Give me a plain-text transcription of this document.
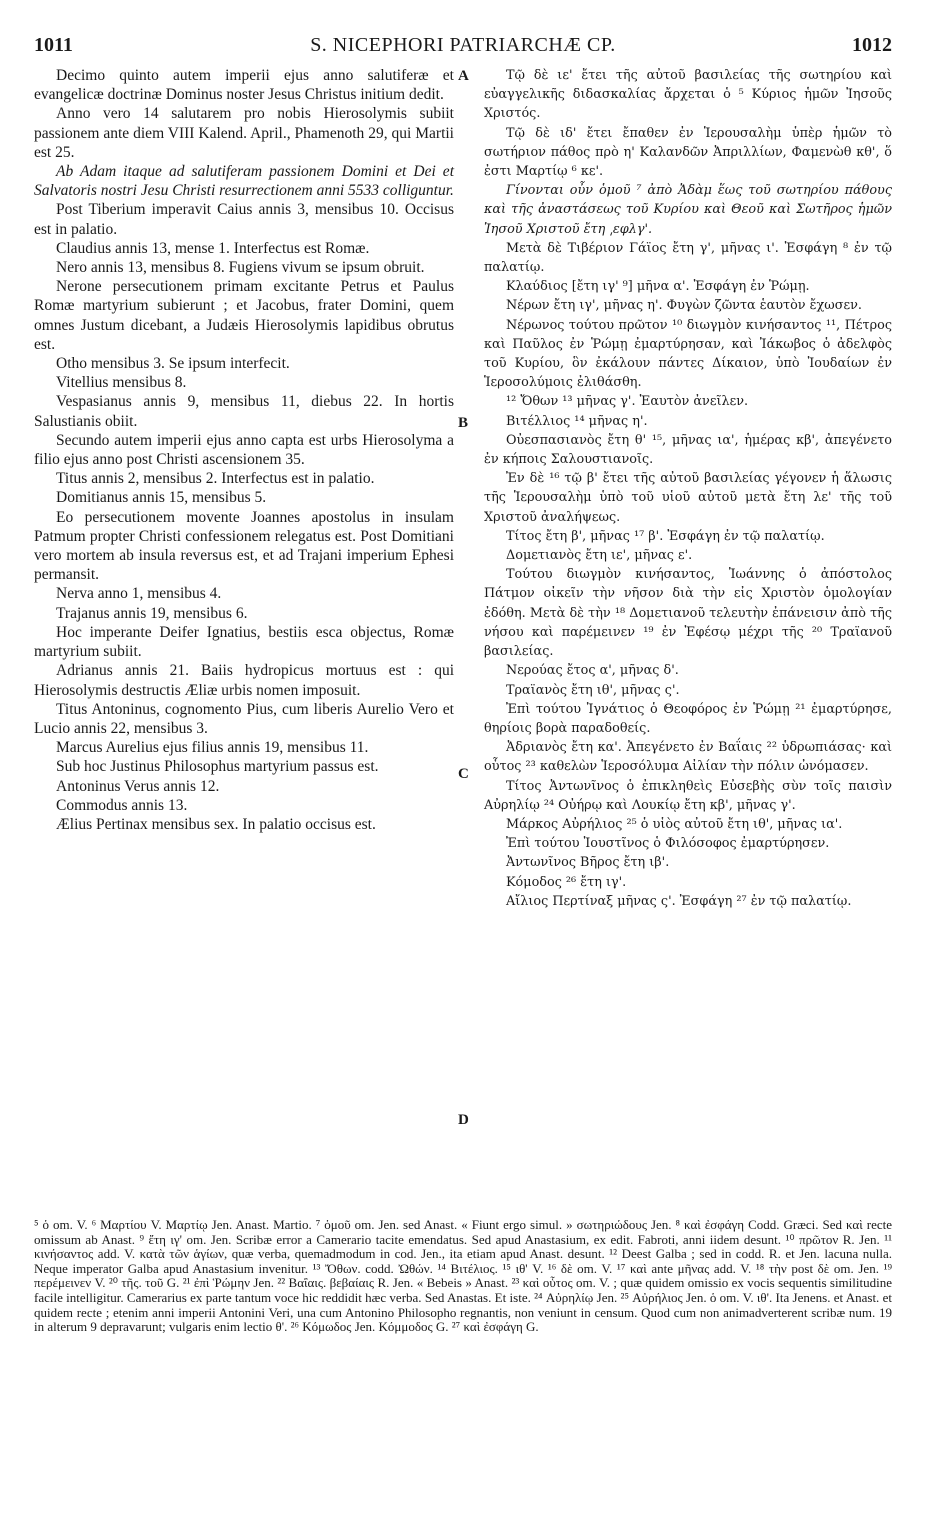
1011	S. NICEPHORI PATRIARCHÆ CP.	1012
A
B
C
D

Decimo quinto autem imperii ejus anno salutiferæ et evangelicæ doctrinæ Dominus noster Jesus Christus initium dedit.

Anno vero 14 salutarem pro nobis Hierosolymis subiit passionem ante diem VIII Kalend. April., Phamenoth 29, qui Martii est 25.

Ab Adam itaque ad salutiferam passionem Domini et Dei et Salvatoris nostri Jesu Christi resurrectionem anni 5533 colliguntur.

Post Tiberium imperavit Caius annis 3, mensibus 10. Occisus est in palatio.

Claudius annis 13, mense 1. Interfectus est Romæ.

Nero annis 13, mensibus 8. Fugiens vivum se ipsum obruit.

Nerone persecutionem primam excitante Petrus et Paulus Romæ martyrium subierunt ; et Jacobus, frater Domini, quem omnes Justum dicebant, a Judæis Hierosolymis lapidibus obrutus est.

Otho mensibus 3. Se ipsum interfecit.

Vitellius mensibus 8.

Vespasianus annis 9, mensibus 11, diebus 22. In hortis Salustianis obiit.

Secundo autem imperii ejus anno capta est urbs Hierosolyma a filio ejus anno post Christi ascensionem 35.

Titus annis 2, mensibus 2. Interfectus est in palatio.

Domitianus annis 15, mensibus 5.

Eo persecutionem movente Joannes apostolus in insulam Patmum propter Christi confessionem relegatus est. Post Domitiani vero mortem ab insula reversus est, et ad Trajani imperium Ephesi permansit.

Nerva anno 1, mensibus 4.

Trajanus annis 19, mensibus 6.

Hoc imperante Deifer Ignatius, bestiis esca objectus, Romæ martyrium subiit.

Adrianus annis 21. Baiis hydropicus mortuus est : qui Hierosolymis destructis Æliæ urbis nomen imposuit.

Titus Antoninus, cognomento Pius, cum liberis Aurelio Vero et Lucio annis 22, mensibus 3.

Marcus Aurelius ejus filius annis 19, mensibus 11.

Sub hoc Justinus Philosophus martyrium passus est.

Antoninus Verus annis 12.

Commodus annis 13.

Ælius Pertinax mensibus sex. In palatio occisus est.

Τῷ δὲ ιε' ἔτει τῆς αὐτοῦ βασιλείας τῆς σωτηρίου καὶ εὐαγγελικῆς διδασκαλίας ἄρχεται ὁ ⁵ Κύριος ἡμῶν Ἰησοῦς Χριστός.

Τῷ δὲ ιδ' ἔτει ἔπαθεν ἐν Ἱερουσαλὴμ ὑπὲρ ἡμῶν τὸ σωτήριον πάθος πρὸ η' Καλανδῶν Ἀπριλλίων, Φαμενὼθ κθ', ὅ ἐστι Μαρτίῳ ⁶ κε'.

Γίνονται οὖν ὁμοῦ ⁷ ἀπὸ Ἀδὰμ ἕως τοῦ σωτηρίου πάθους καὶ τῆς ἀναστάσεως τοῦ Κυρίου καὶ Θεοῦ καὶ Σωτῆρος ἡμῶν Ἰησοῦ Χριστοῦ ἔτη ͵εφλγ'.

Μετὰ δὲ Τιβέριον Γάϊος ἔτη γ', μῆνας ι'. Ἐσφάγη ⁸ ἐν τῷ παλατίῳ.

Κλαύδιος [ἔτη ιγ' ⁹] μῆνα α'. Ἐσφάγη ἐν Ῥώμῃ.

Νέρων ἔτη ιγ', μῆνας η'. Φυγὼν ζῶντα ἑαυτὸν ἔχωσεν.

Νέρωνος τούτου πρῶτον ¹⁰ διωγμὸν κινήσαντος ¹¹, Πέτρος καὶ Παῦλος ἐν Ῥώμῃ ἐμαρτύρησαν, καὶ Ἰάκωβος ὁ ἀδελφὸς τοῦ Κυρίου, ὃν ἐκάλουν πάντες Δίκαιον, ὑπὸ Ἰουδαίων ἐν Ἱεροσολύμοις ἐλιθάσθη.

¹² Ὄθων ¹³ μῆνας γ'. Ἑαυτὸν ἀνεῖλεν.

Βιτέλλιος ¹⁴ μῆνας η'.

Οὐεσπασιανὸς ἔτη θ' ¹⁵, μῆνας ια', ἡμέρας κβ', ἀπεγένετο ἐν κήποις Σαλουστιανοῖς.

Ἐν δὲ ¹⁶ τῷ β' ἔτει τῆς αὐτοῦ βασιλείας γέγονεν ἡ ἅλωσις τῆς Ἱερουσαλὴμ ὑπὸ τοῦ υἱοῦ αὐτοῦ μετὰ ἔτη λε' τῆς τοῦ Χριστοῦ ἀναλήψεως.

Τίτος ἔτη β', μῆνας ¹⁷ β'. Ἐσφάγη ἐν τῷ παλατίῳ.

Δομετιανὸς ἔτη ιε', μῆνας ε'.

Τούτου διωγμὸν κινήσαντος, Ἰωάννης ὁ ἀπόστολος Πάτμον οἰκεῖν τὴν νῆσον διὰ τὴν εἰς Χριστὸν ὁμολογίαν ἐδόθη. Μετὰ δὲ τὴν ¹⁸ Δομετιανοῦ τελευτὴν ἐπάνεισιν ἀπὸ τῆς νήσου καὶ παρέμεινεν ¹⁹ ἐν Ἐφέσῳ μέχρι τῆς ²⁰ Τραϊανοῦ βασιλείας.

Νερούας ἔτος α', μῆνας δ'.

Τραϊανὸς ἔτη ιθ', μῆνας ς'.

Ἐπὶ τούτου Ἰγνάτιος ὁ Θεοφόρος ἐν Ῥώμῃ ²¹ ἐμαρτύρησε, θηρίοις βορὰ παραδοθείς.

Ἀδριανὸς ἔτη κα'. Ἀπεγένετο ἐν Βαΐαις ²² ὑδρωπιάσας· καὶ οὗτος ²³ καθελὼν Ἱεροσόλυμα Αἰλίαν τὴν πόλιν ὠνόμασεν.

Τίτος Ἀντωνῖνος ὁ ἐπικληθεὶς Εὐσεβὴς σὺν τοῖς παισὶν Αὐρηλίῳ ²⁴ Οὐήρῳ καὶ Λουκίῳ ἔτη κβ', μῆνας γ'.

Μάρκος Αὐρήλιος ²⁵ ὁ υἱὸς αὐτοῦ ἔτη ιθ', μῆνας ια'.

Ἐπὶ τούτου Ἰουστῖνος ὁ Φιλόσοφος ἐμαρτύρησεν.

Ἀντωνῖνος Βῆρος ἔτη ιβ'.

Κόμοδος ²⁶ ἔτη ιγ'.

Αἴλιος Περτίναξ μῆνας ς'. Ἐσφάγη ²⁷ ἐν τῷ παλατίῳ.

⁵ ὁ om. V. ⁶ Μαρτίου V. Μαρτίῳ Jen. Anast. Martio. ⁷ ὁμοῦ om. Jen. sed Anast. « Fiunt ergo simul. » σωτηριώδους Jen. ⁸ καὶ ἐσφάγη Codd. Græci. Sed καὶ recte omissum ab Anast. ⁹ ἔτη ιγ' om. Jen. Scribæ error a Camerario tacite emendatus. Sed apud Anastasium, ex edit. Fabroti, anni iidem desunt. ¹⁰ πρῶτον R. Jen. ¹¹ κινήσαντος add. V. κατὰ τῶν ἁγίων, quæ verba, quemadmodum in cod. Jen., ita etiam apud Anast. desunt. ¹² Deest Galba ; sed in codd. R. et Jen. lacuna nulla. Neque imperator Galba apud Anastasium invenitur. ¹³ Ὄθων. codd. Ὠθών. ¹⁴ Βιτέλιος. ¹⁵ ιθ' V. ¹⁶ δὲ om. V. ¹⁷ καὶ ante μῆνας add. V. ¹⁸ τὴν post δὲ om. Jen. ¹⁹ περέμεινεν V. ²⁰ τῆς. τοῦ G. ²¹ ἐπὶ Ῥώμην Jen. ²² Βαΐαις. βεβαίαις R. Jen. « Bebeis » Anast. ²³ καὶ οὗτος om. V. ; quæ quidem omissio ex vocis sequentis similitudine facile intelligitur. Camerarius ex parte tantum voce hic reddidit hæc verba. Sed Anastas. Et iste. ²⁴ Αὐρηλίῳ Jen. ²⁵ Αὐρήλιος Jen. ὁ om. V. ιθ'. Ita Jenens. et Anast. et quidem recte ; etenim anni imperii Antonini Veri, una cum Antonino Philosopho regnantis, non veniunt in censum. Quod cum non animadverterent scribæ num. 19 in alterum 9 depravarunt; vulgaris enim lectio θ'. ²⁶ Κόμωδος Jen. Κόμμοδος G. ²⁷ καὶ ἐσφάγη G.
